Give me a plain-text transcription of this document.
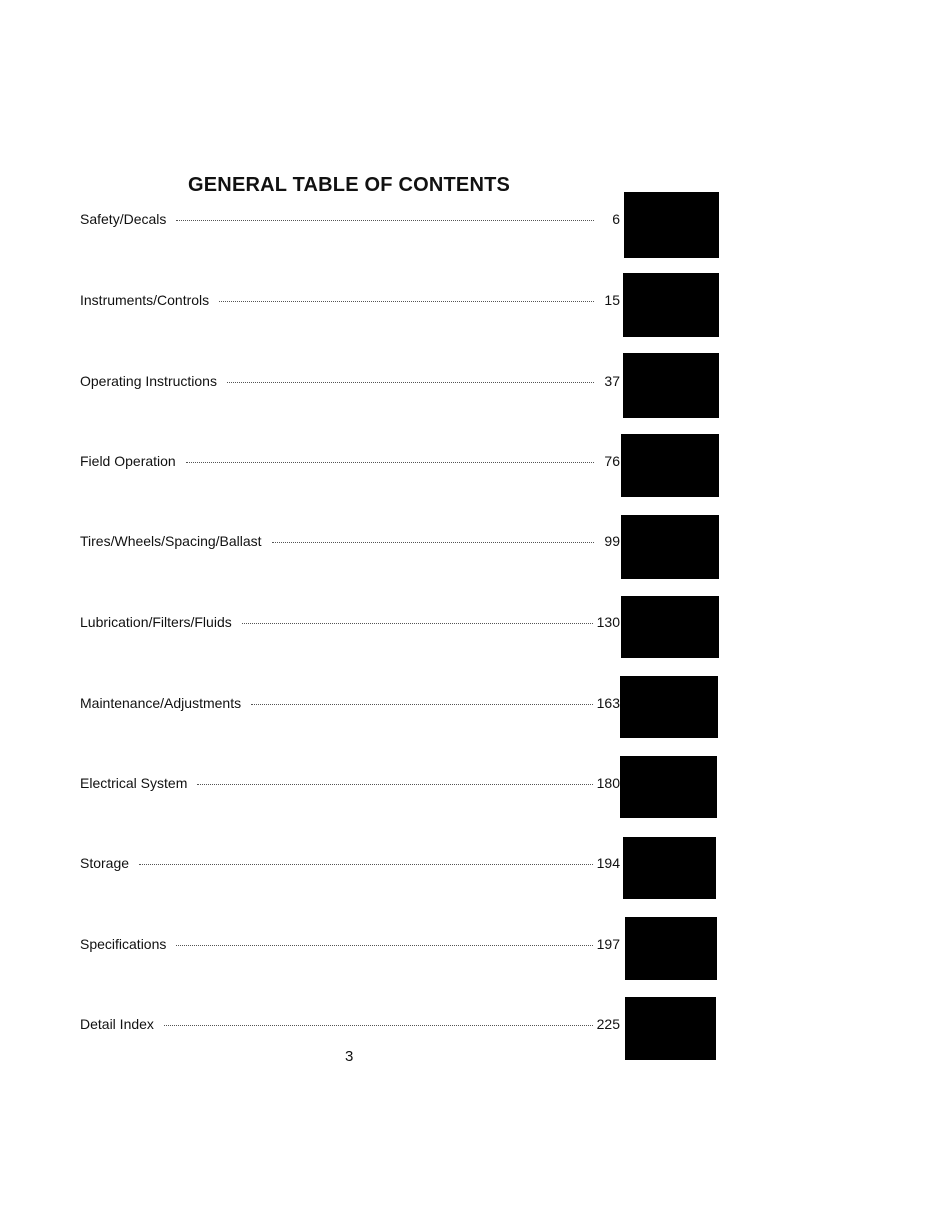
GENERAL TABLE OF CONTENTS
Safety/Decals	6
Instruments/Controls	15
Operating Instructions	37
Field Operation	76
Tires/Wheels/Spacing/Ballast	99
Lubrication/Filters/Fluids	130
Maintenance/Adjustments	163
Electrical System	180
Storage	194
Specifications	197
Detail Index	225
3
